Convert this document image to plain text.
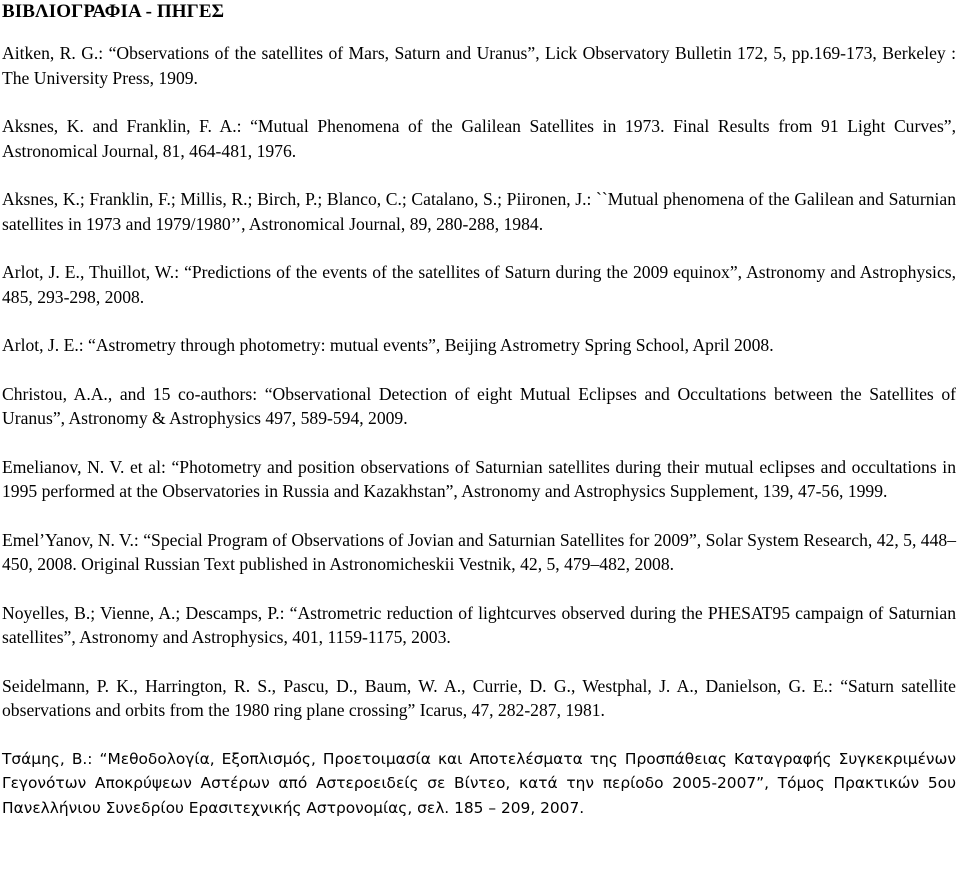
ΒΙΒΛΙΟΓΡΑΦΙΑ - ΠΗΓΕΣ
Aitken, R. G.: “Observations of the satellites of Mars, Saturn and Uranus”, Lick Observatory Bulletin 172, 5, pp.169-173, Berkeley : The University Press, 1909.
Aksnes, K. and Franklin, F. A.: “Mutual Phenomena of the Galilean Satellites in 1973. Final Results from 91 Light Curves”, Astronomical Journal, 81, 464-481, 1976.
Aksnes, K.; Franklin, F.; Millis, R.; Birch, P.; Blanco, C.; Catalano, S.; Piironen, J.: ``Mutual phenomena of the Galilean and Saturnian satellites in 1973 and 1979/1980’’, Astronomical Journal, 89, 280-288, 1984.
Arlot, J. E., Thuillot, W.: “Predictions of the events of the satellites of Saturn during the 2009 equinox”, Astronomy and Astrophysics, 485, 293-298, 2008.
Arlot, J. E.: “Astrometry through photometry: mutual events”, Beijing Astrometry Spring School, April 2008.
Christou, A.A., and 15 co-authors: “Observational Detection of eight Mutual Eclipses and Occultations between the Satellites of Uranus”, Astronomy & Astrophysics 497, 589-594, 2009.
Emelianov, N. V. et al: “Photometry and position observations of Saturnian satellites during their mutual eclipses and occultations in 1995 performed at the Observatories in Russia and Kazakhstan”, Astronomy and Astrophysics Supplement, 139, 47-56, 1999.
Emel’Yanov, N. V.: “Special Program of Observations of Jovian and Saturnian Satellites for 2009”, Solar System Research, 42, 5, 448–450, 2008. Original Russian Text published in Astronomicheskii Vestnik, 42, 5, 479–482, 2008.
Noyelles, B.; Vienne, A.; Descamps, P.: “Astrometric reduction of lightcurves observed during the PHESAT95 campaign of Saturnian satellites”, Astronomy and Astrophysics, 401, 1159-1175, 2003.
Seidelmann, P. K., Harrington, R. S., Pascu, D., Baum, W. A., Currie, D. G., Westphal, J. A., Danielson, G. E.: “Saturn satellite observations and orbits from the 1980 ring plane crossing” Icarus, 47, 282-287, 1981.
Τσάμης, Β.: “Μεθοδολογία, Εξοπλισμός, Προετοιμασία και Αποτελέσματα της Προσπάθειας Καταγραφής Συγκεκριμένων Γεγονότων Αποκρύψεων Αστέρων από Αστεροειδείς σε Βίντεο, κατά την περίοδο 2005-2007”, Τόμος Πρακτικών 5ου Πανελλήνιου Συνεδρίου Ερασιτεχνικής Αστρονομίας, σελ. 185 – 209, 2007.
